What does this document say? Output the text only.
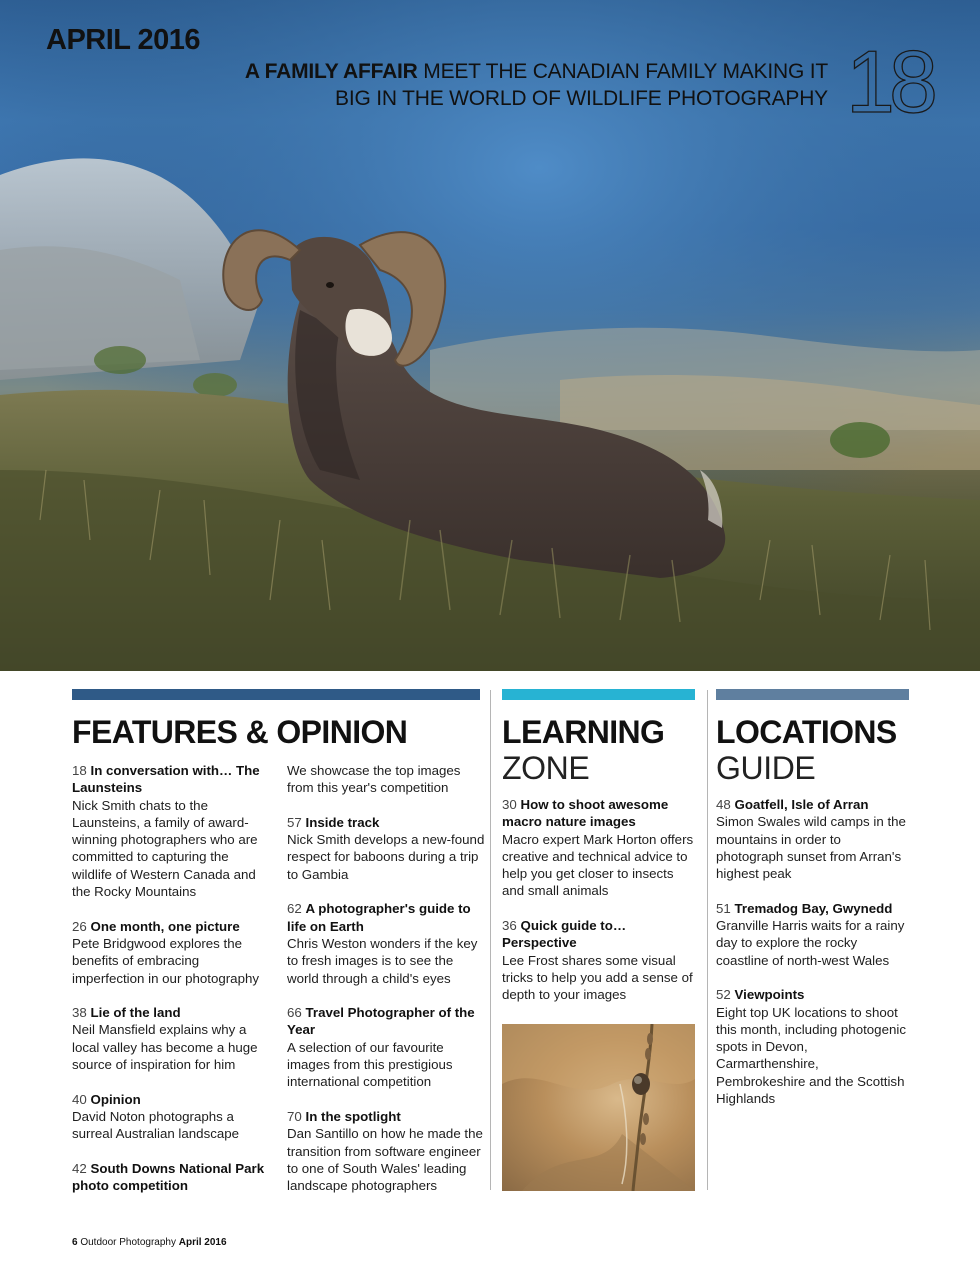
APRIL 2016
A FAMILY AFFAIR MEET THE CANADIAN FAMILY MAKING IT BIG IN THE WORLD OF WILDLIFE PHOTOGRAPHY 18
FEATURES & OPINION	LEARNING
ZONE
LOCATIONS
GUIDE
18 In conversation with… The Launsteins
Nick Smith chats to the Launsteins, a family of award-winning photographers who are committed to capturing the wildlife of Western Canada and the Rocky Mountains
26 One month, one picture
Pete Bridgwood explores the benefits of embracing imperfection in our photography
38 Lie of the land
Neil Mansfield explains why a local valley has become a huge source of inspiration for him
40 Opinion
David Noton photographs a surreal Australian landscape
42 South Downs National Park photo competition
We showcase the top images from this year's competition
57 Inside track
Nick Smith develops a new-found respect for baboons during a trip to Gambia
62 A photographer's guide to life on Earth
Chris Weston wonders if the key to fresh images is to see the world through a child's eyes
66 Travel Photographer of the Year
A selection of our favourite images from this prestigious international competition
70 In the spotlight
Dan Santillo on how he made the transition from software engineer to one of South Wales' leading landscape photographers
30 How to shoot awesome macro nature images
Macro expert Mark Horton offers creative and technical advice to help you get closer to insects and small animals
36 Quick guide to… Perspective
Lee Frost shares some visual tricks to help you add a sense of depth to your images
48 Goatfell, Isle of Arran
Simon Swales wild camps in the mountains in order to photograph sunset from Arran's highest peak
51 Tremadog Bay, Gwynedd
Granville Harris waits for a rainy day to explore the rocky coastline of north-west Wales
52 Viewpoints
Eight top UK locations to shoot this month, including photogenic spots in Devon, Carmarthenshire, Pembrokeshire and the Scottish Highlands
6 Outdoor Photography April 2016
